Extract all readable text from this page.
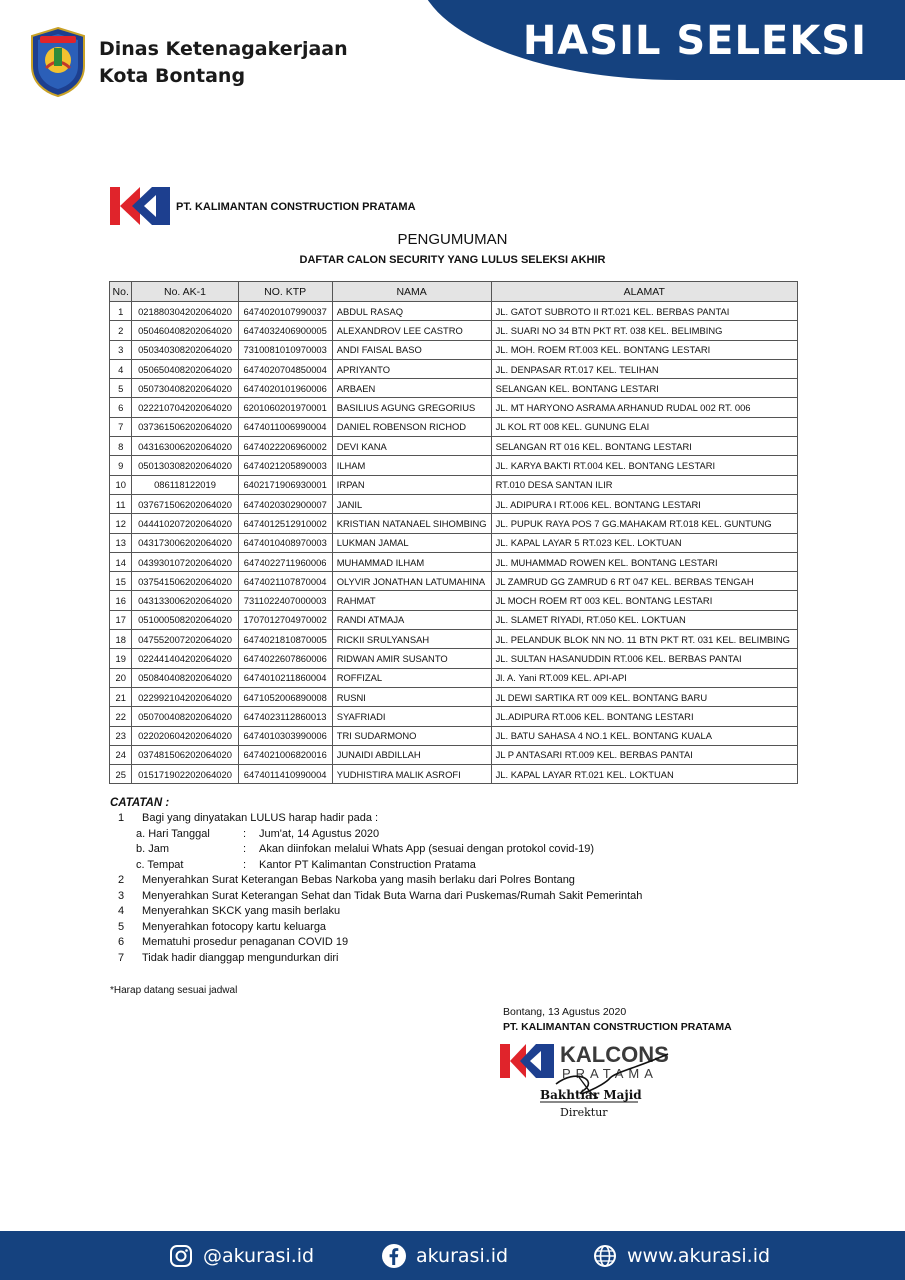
HASIL SELEKSI
Dinas Ketenagakerjaan
Kota Bontang
PT. KALIMANTAN CONSTRUCTION PRATAMA
PENGUMUMAN
DAFTAR CALON SECURITY YANG LULUS SELEKSI AKHIR
No.	No. AK-1	NO. KTP	NAMA	ALAMAT
1	021880304202064020	6474020107990037	ABDUL RASAQ	JL. GATOT SUBROTO II RT.021 KEL. BERBAS PANTAI
2	050460408202064020	6474032406900005	ALEXANDROV LEE CASTRO	JL. SUARI NO 34 BTN PKT RT. 038 KEL. BELIMBING
3	050340308202064020	7310081010970003	ANDI FAISAL BASO	JL. MOH. ROEM RT.003 KEL. BONTANG LESTARI
4	050650408202064020	6474020704850004	APRIYANTO	JL. DENPASAR RT.017 KEL. TELIHAN
5	050730408202064020	6474020101960006	ARBAEN	SELANGAN KEL. BONTANG LESTARI
6	022210704202064020	6201060201970001	BASILIUS AGUNG GREGORIUS	JL. MT HARYONO ASRAMA ARHANUD RUDAL 002 RT. 006
7	037361506202064020	6474011006990004	DANIEL ROBENSON RICHOD	JL KOL RT 008 KEL. GUNUNG ELAI
8	043163006202064020	6474022206960002	DEVI KANA	SELANGAN RT 016 KEL. BONTANG LESTARI
9	050130308202064020	6474021205890003	ILHAM	JL. KARYA BAKTI RT.004 KEL. BONTANG LESTARI
10	086118122019	6402171906930001	IRPAN	RT.010 DESA SANTAN ILIR
11	037671506202064020	6474020302900007	JANIL	JL. ADIPURA I RT.006 KEL. BONTANG LESTARI
12	044410207202064020	6474012512910002	KRISTIAN NATANAEL SIHOMBING	JL. PUPUK RAYA POS 7 GG.MAHAKAM RT.018 KEL. GUNTUNG
13	043173006202064020	6474010408970003	LUKMAN JAMAL	JL. KAPAL LAYAR 5 RT.023 KEL. LOKTUAN
14	043930107202064020	6474022711960006	MUHAMMAD ILHAM	JL. MUHAMMAD ROWEN KEL. BONTANG LESTARI
15	037541506202064020	6474021107870004	OLYVIR JONATHAN LATUMAHINA	JL ZAMRUD GG ZAMRUD 6 RT 047 KEL. BERBAS TENGAH
16	043133006202064020	7311022407000003	RAHMAT	JL MOCH ROEM RT 003 KEL. BONTANG LESTARI
17	051000508202064020	1707012704970002	RANDI ATMAJA	JL. SLAMET RIYADI, RT.050 KEL. LOKTUAN
18	047552007202064020	6474021810870005	RICKII SRULYANSAH	JL. PELANDUK BLOK NN NO. 11 BTN PKT RT. 031 KEL. BELIMBING
19	022441404202064020	6474022607860006	RIDWAN AMIR SUSANTO	JL. SULTAN HASANUDDIN RT.006 KEL. BERBAS PANTAI
20	050840408202064020	6474010211860004	ROFFIZAL	Jl. A. Yani RT.009 KEL. API-API
21	022992104202064020	6471052006890008	RUSNI	JL DEWI SARTIKA RT 009 KEL. BONTANG BARU
22	050700408202064020	6474023112860013	SYAFRIADI	JL.ADIPURA RT.006 KEL. BONTANG LESTARI
23	022020604202064020	6474010303990006	TRI SUDARMONO	JL. BATU SAHASA 4 NO.1 KEL. BONTANG KUALA
24	037481506202064020	6474021006820016	JUNAIDI ABDILLAH	JL P ANTASARI RT.009 KEL. BERBAS PANTAI
25	015171902202064020	6474011410990004	YUDHISTIRA MALIK ASROFI	JL. KAPAL LAYAR RT.021 KEL. LOKTUAN
CATATAN :
1	Bagi yang dinyatakan LULUS harap hadir pada :
a. Hari Tanggal	:	Jum'at, 14 Agustus 2020
b. Jam	:	Akan diinfokan melalui Whats App (sesuai dengan protokol covid-19)
c. Tempat	:	Kantor PT Kalimantan Construction Pratama
2	Menyerahkan Surat Keterangan Bebas Narkoba yang masih berlaku dari Polres Bontang
3	Menyerahkan Surat Keterangan Sehat dan Tidak Buta Warna dari Puskemas/Rumah Sakit Pemerintah
4	Menyerahkan SKCK yang masih berlaku
5	Menyerahkan fotocopy kartu keluarga
6	Mematuhi prosedur penaganan COVID 19
7	Tidak hadir dianggap mengundurkan diri
*Harap datang sesuai jadwal
Bontang, 13 Agustus 2020
PT. KALIMANTAN CONSTRUCTION PRATAMA
KALCONS
PRATAMA
Bakhtiar Majid
Direktur
@akurasi.id	akurasi.id	www.akurasi.id
